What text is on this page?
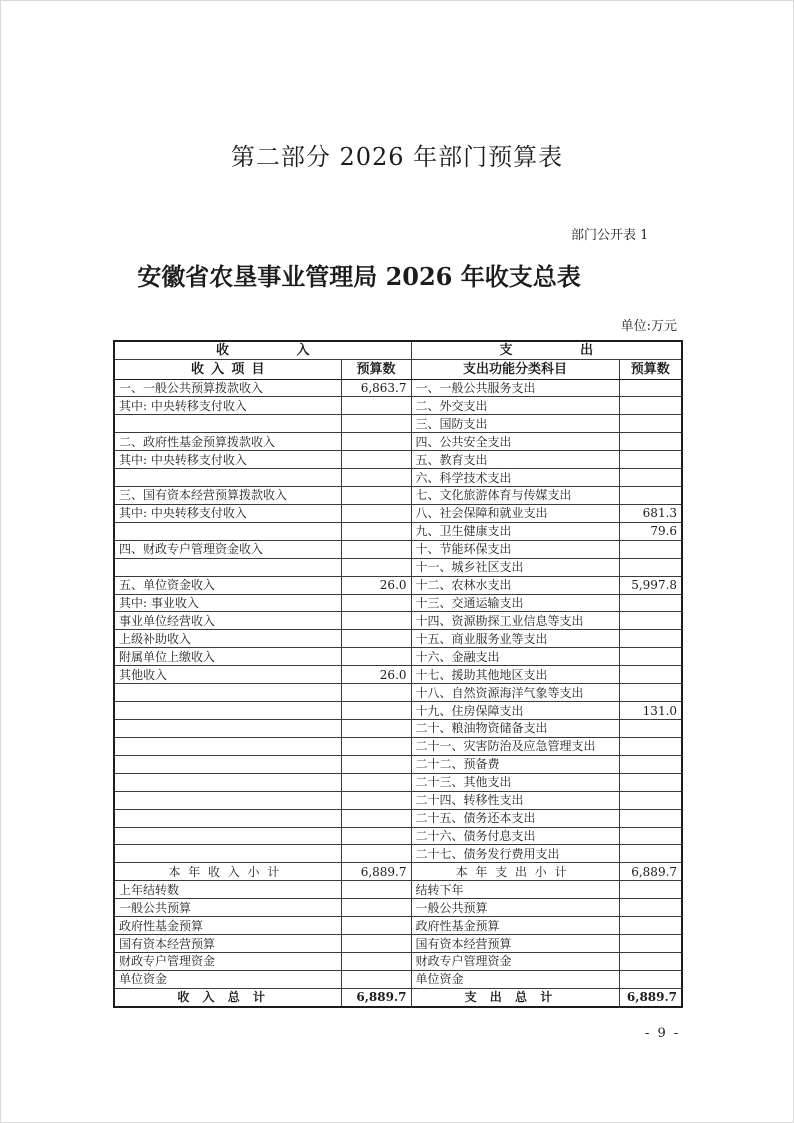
第二部分 2026 年部门预算表
部门公开表 1
安徽省农垦事业管理局 2026 年收支总表
单位:万元
收入		支出	
收入项目	预算数	支出功能分类科目	预算数
一、一般公共预算拨款收入	6,863.7	一、一般公共服务支出	
其中: 中央转移支付收入		二、外交支出	
		三、国防支出	
二、政府性基金预算拨款收入		四、公共安全支出	
其中: 中央转移支付收入		五、教育支出	
		六、科学技术支出	
三、国有资本经营预算拨款收入		七、文化旅游体育与传媒支出	
其中: 中央转移支付收入		八、社会保障和就业支出	681.3
		九、卫生健康支出	79.6
四、财政专户管理资金收入		十、节能环保支出	
		十一、城乡社区支出	
五、单位资金收入	26.0	十二、农林水支出	5,997.8
其中: 事业收入		十三、交通运输支出	
事业单位经营收入		十四、资源勘探工业信息等支出	
上级补助收入		十五、商业服务业等支出	
附属单位上缴收入		十六、金融支出	
其他收入	26.0	十七、援助其他地区支出	
		十八、自然资源海洋气象等支出	
		十九、住房保障支出	131.0
		二十、粮油物资储备支出	
		二十一、灾害防治及应急管理支出	
		二十二、预备费	
		二十三、其他支出	
		二十四、转移性支出	
		二十五、债务还本支出	
		二十六、债务付息支出	
		二十七、债务发行费用支出	
本年收入小计	6,889.7	本年支出小计	6,889.7
上年结转数		结转下年	
一般公共预算		一般公共预算	
政府性基金预算		政府性基金预算	
国有资本经营预算		国有资本经营预算	
财政专户管理资金		财政专户管理资金	
单位资金		单位资金	
收入总计	6,889.7	支出总计	6,889.7
- 9 -
